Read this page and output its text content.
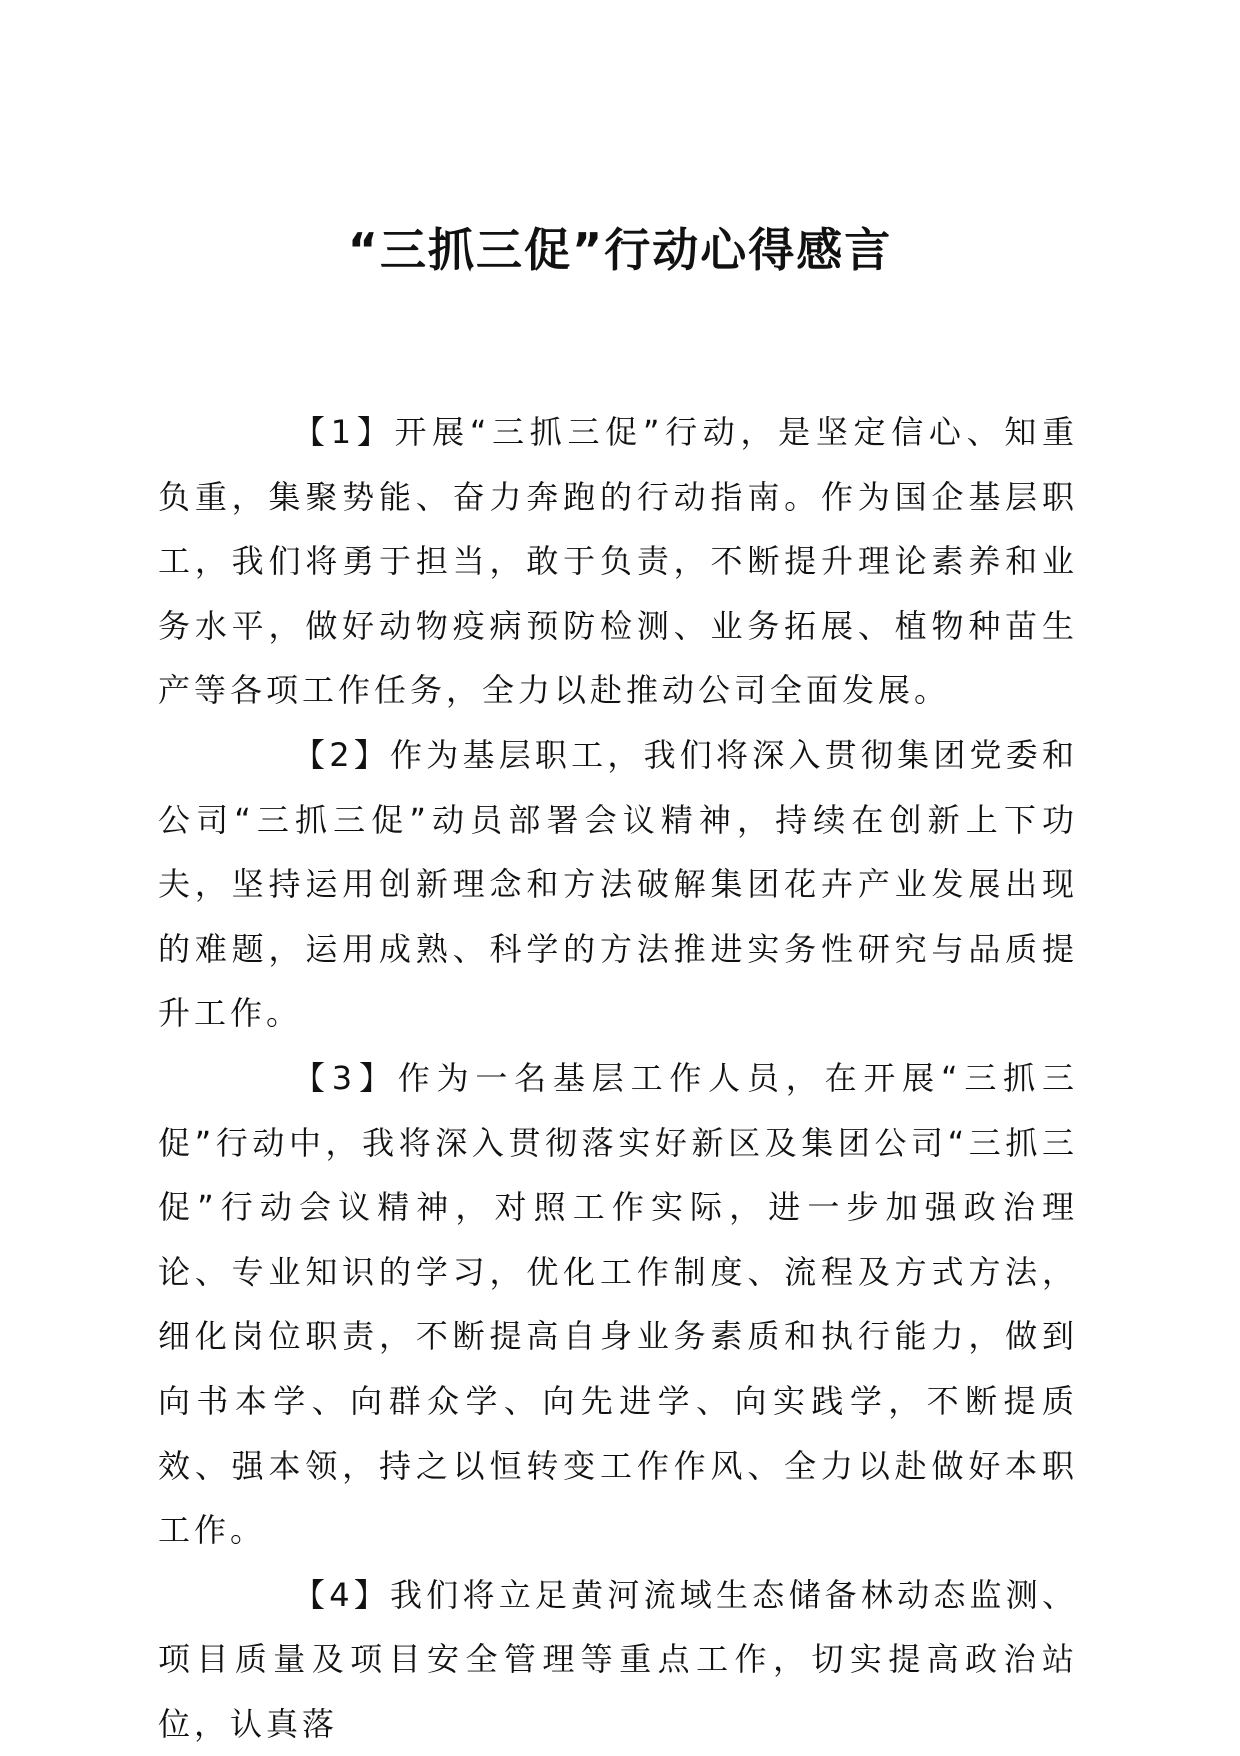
“三抓三促”行动心得感言

【1】开展“三抓三促”行动，是坚定信心、知重负重，集聚势能、奋力奔跑的行动指南。作为国企基层职工，我们将勇于担当，敢于负责，不断提升理论素养和业务水平，做好动物疫病预防检测、业务拓展、植物种苗生产等各项工作任务，全力以赴推动公司全面发展。

【2】作为基层职工，我们将深入贯彻集团党委和公司“三抓三促”动员部署会议精神，持续在创新上下功夫，坚持运用创新理念和方法破解集团花卉产业发展出现的难题，运用成熟、科学的方法推进实务性研究与品质提升工作。

【3】作为一名基层工作人员，在开展“三抓三促”行动中，我将深入贯彻落实好新区及集团公司“三抓三促”行动会议精神，对照工作实际，进一步加强政治理论、专业知识的学习，优化工作制度、流程及方式方法，细化岗位职责，不断提高自身业务素质和执行能力，做到向书本学、向群众学、向先进学、向实践学，不断提质效、强本领，持之以恒转变工作作风、全力以赴做好本职工作。

【4】我们将立足黄河流域生态储备林动态监测、项目质量及项目安全管理等重点工作，切实提高政治站位，认真落
